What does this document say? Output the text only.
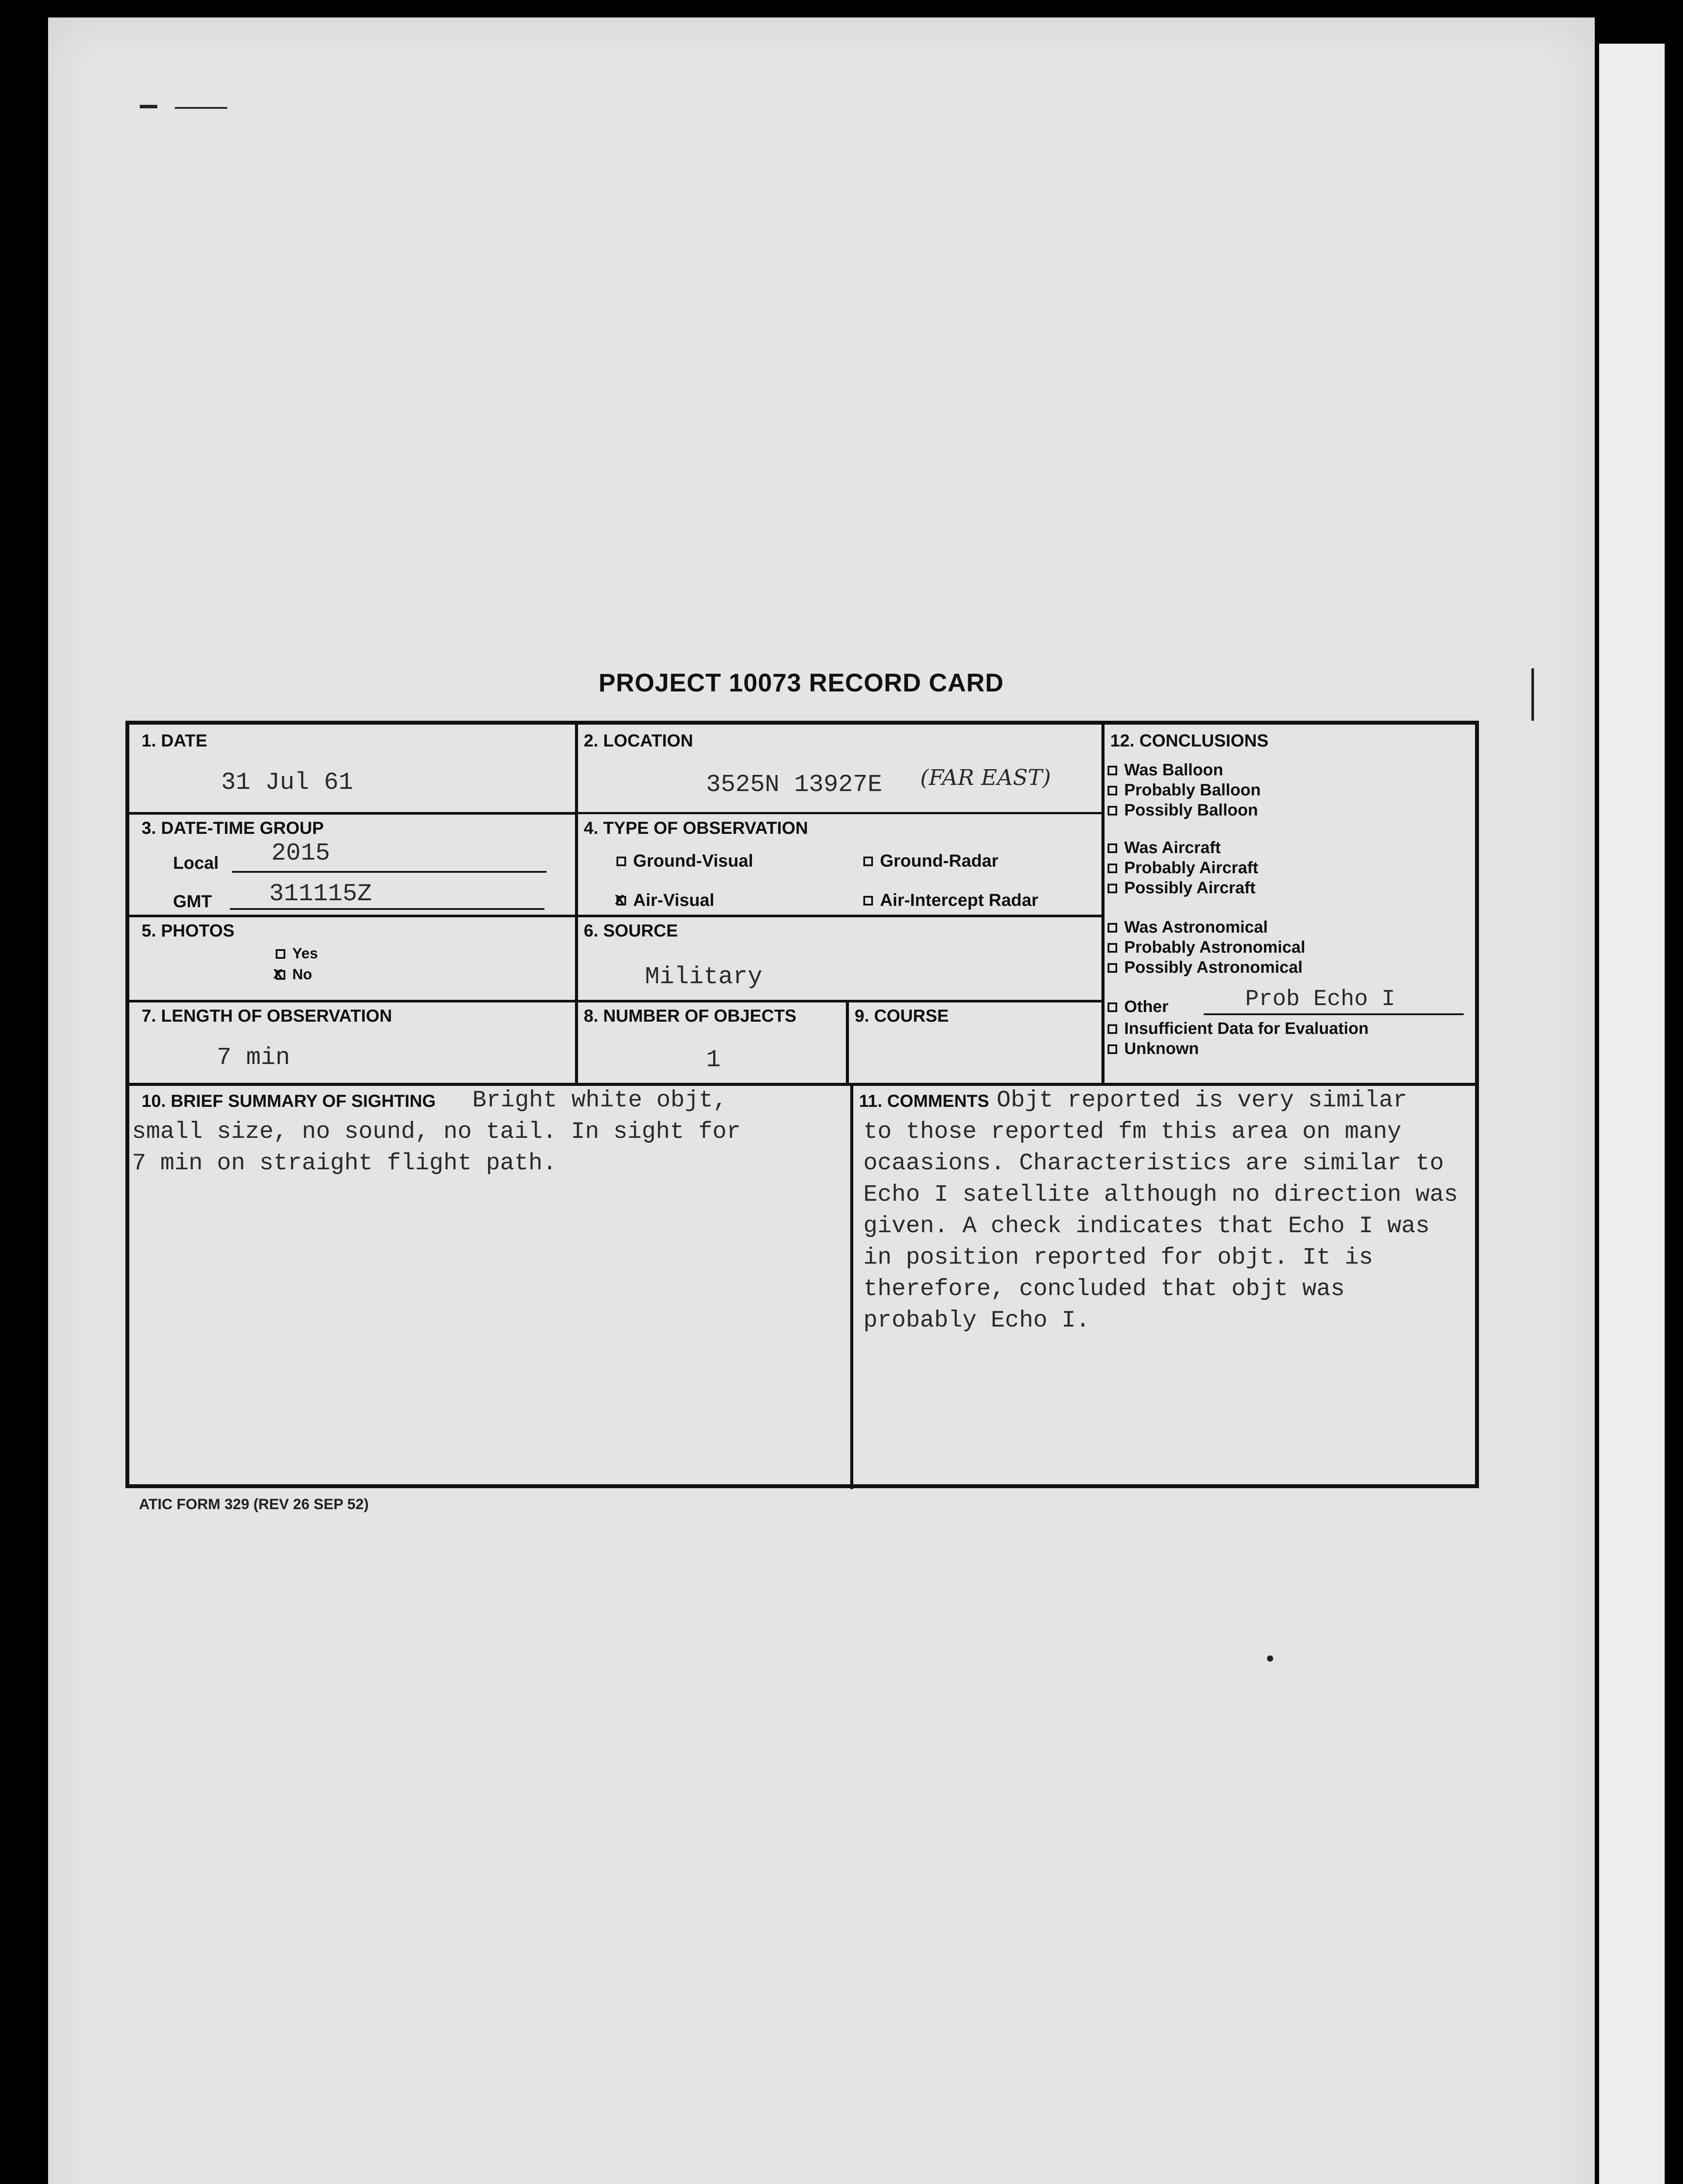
PROJECT 10073 RECORD CARD
1. DATE
31 Jul 61
2. LOCATION
3525N 13927E (FAR EAST)
3. DATE-TIME GROUP
Local 2015
GMT 311115Z
4. TYPE OF OBSERVATION
Ground-Visual	Ground-Radar
x Air-Visual	Air-Intercept Radar
5. PHOTOS
Yes
x No
6. SOURCE
Military
7. LENGTH OF OBSERVATION
7 min
8. NUMBER OF OBJECTS
1
9. COURSE
12. CONCLUSIONS
10. BRIEF SUMMARY OF SIGHTING Bright white objt,
small size, no sound, no tail. In sight for
7 min on straight flight path.
11. COMMENTS Objt reported is very similar
to those reported fm this area on many
ocaasions. Characteristics are similar to
Echo I satellite although no direction was
given. A check indicates that Echo I was
in position reported for objt. It is
therefore, concluded that objt was
probably Echo I.
Was Balloon
Probably Balloon
Possibly Balloon
Was Aircraft
Probably Aircraft
Possibly Aircraft
Was Astronomical
Probably Astronomical
Possibly Astronomical
Other	Prob Echo I
Insufficient Data for Evaluation
Unknown
ATIC FORM 329 (REV 26 SEP 52)
